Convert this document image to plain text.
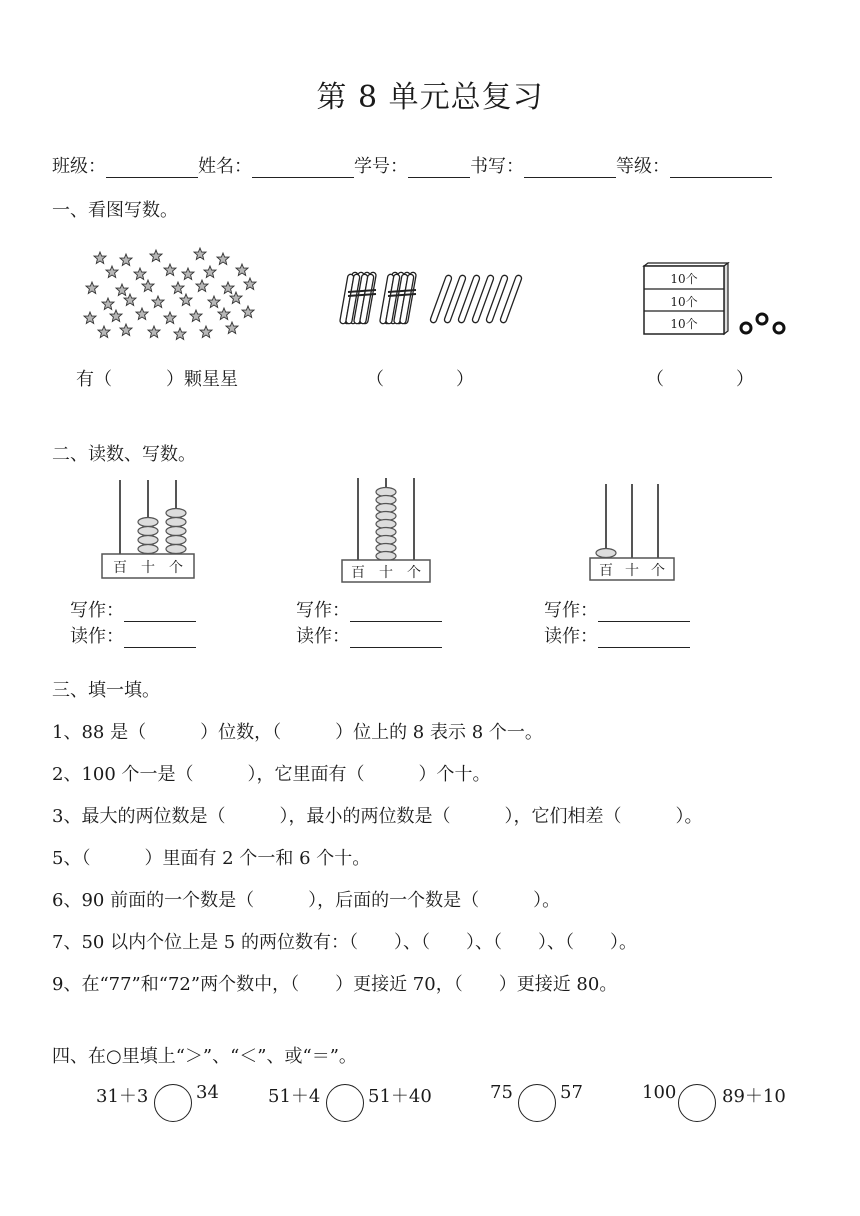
第 8 单元总复习
班级：	姓名：	学号：	书写：	等级：
一、看图写数。
有（　　　）颗星星	（　　　　）
10个
10个
10个
（　　　　）
二、读数、写数。
百 十 个	百 十 个	百 十 个
写作：
读作：
写作：
读作：
写作：
读作：
三、填一填。
1、88 是（　　　）位数，（　　　）位上的 8 表示 8 个一。
2、100 个一是（　　　），它里面有（　　　）个十。
3、最大的两位数是（　　　），最小的两位数是（　　　），它们相差（　　　）。
5、（　　　）里面有 2 个一和 6 个十。
6、90 前面的一个数是（　　　），后面的一个数是（　　　）。
7、50 以内个位上是 5 的两位数有：（　　）、（　　）、（　　）、（　　）。
9、在“77”和“72”两个数中，（　　）更接近 70，（　　）更接近 80。
四、在○里填上“＞”、“＜”、或“＝”。
31＋3	34	51＋4	51＋40	75	57	100	89＋10
